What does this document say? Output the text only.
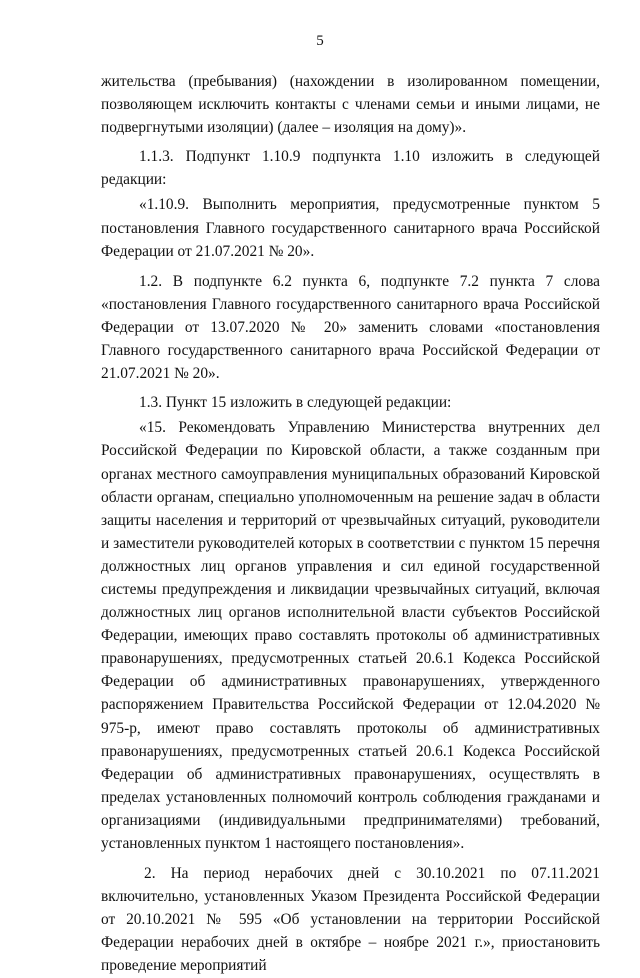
5

жительства (пребывания) (нахождении в изолированном помещении, позволяющем исключить контакты с членами семьи и иными лицами, не подвергнутыми изоляции) (далее – изоляция на дому)».

1.1.3. Подпункт 1.10.9 подпункта 1.10 изложить в следующей редакции:

«1.10.9. Выполнить мероприятия, предусмотренные пунктом 5 постановления Главного государственного санитарного врача Российской Федерации от 21.07.2021 № 20».

1.2. В подпункте 6.2 пункта 6, подпункте 7.2 пункта 7 слова «постановления Главного государственного санитарного врача Российской Федерации от 13.07.2020 № 20» заменить словами «постановления Главного государственного санитарного врача Российской Федерации от 21.07.2021 № 20».

1.3. Пункт 15 изложить в следующей редакции:

«15. Рекомендовать Управлению Министерства внутренних дел Российской Федерации по Кировской области, а также созданным при органах местного самоуправления муниципальных образований Кировской области органам, специально уполномоченным на решение задач в области защиты населения и территорий от чрезвычайных ситуаций, руководители и заместители руководителей которых в соответствии с пунктом 15 перечня должностных лиц органов управления и сил единой государственной системы предупреждения и ликвидации чрезвычайных ситуаций, включая должностных лиц органов исполнительной власти субъектов Российской Федерации, имеющих право составлять протоколы об административных правонарушениях, предусмотренных статьей 20.6.1 Кодекса Российской Федерации об административных правонарушениях, утвержденного распоряжением Правительства Российской Федерации от 12.04.2020 № 975-р, имеют право составлять протоколы об административных правонарушениях, предусмотренных статьей 20.6.1 Кодекса Российской Федерации об административных правонарушениях, осуществлять в пределах установленных полномочий контроль соблюдения гражданами и организациями (индивидуальными предпринимателями) требований, установленных пунктом 1 настоящего постановления».

2. На период нерабочих дней с 30.10.2021 по 07.11.2021 включительно, установленных Указом Президента Российской Федерации от 20.10.2021 № 595 «Об установлении на территории Российской Федерации нерабочих дней в октябре – ноябре 2021 г.», приостановить проведение мероприятий
